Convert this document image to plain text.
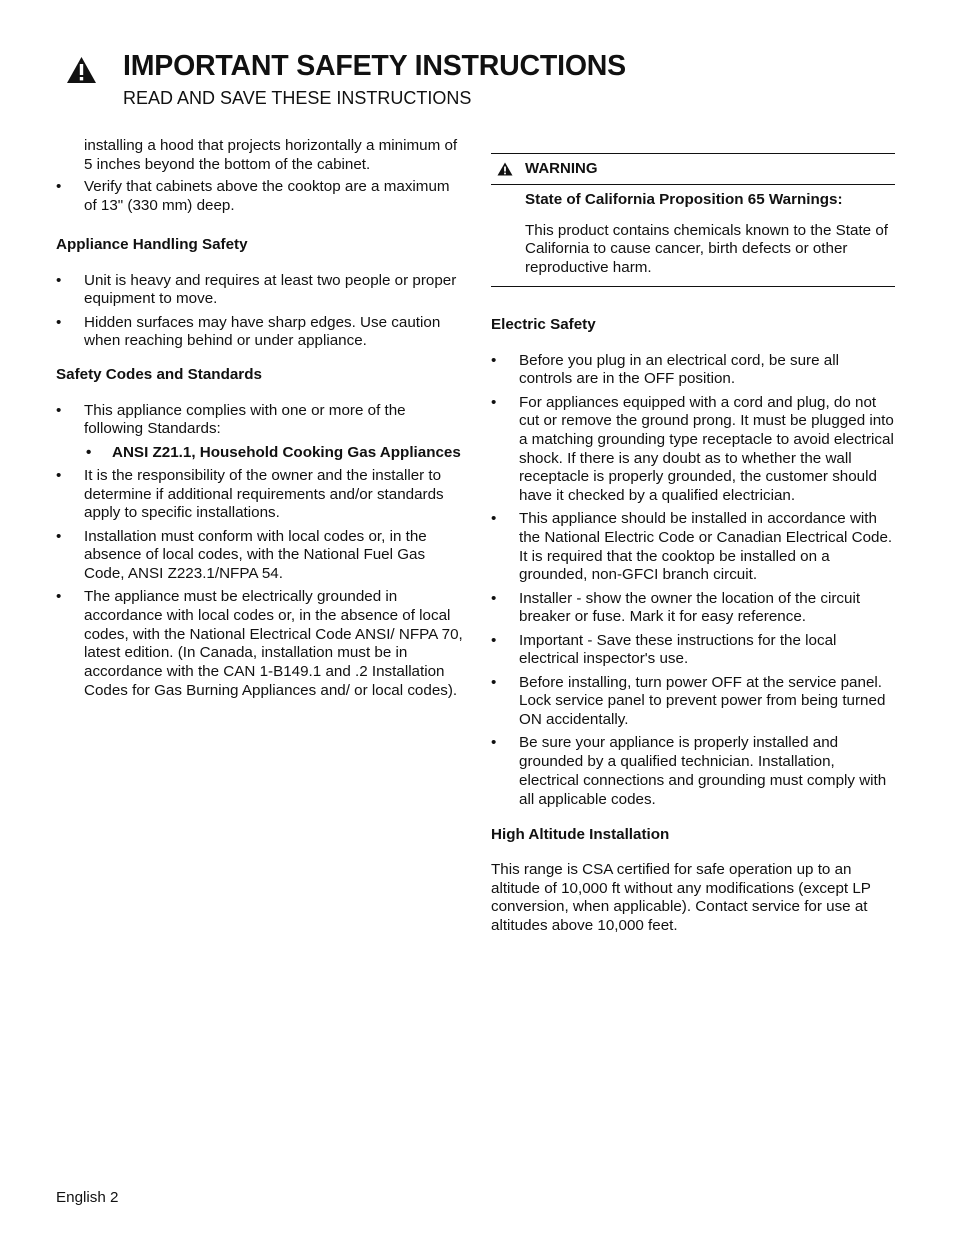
IMPORTANT SAFETY INSTRUCTIONS
READ AND SAVE THESE INSTRUCTIONS

installing a hood that projects horizontally a minimum of 5 inches beyond the bottom of the cabinet.

• Verify that cabinets above the cooktop are a maximum of 13" (330 mm) deep.

Appliance Handling Safety

• Unit is heavy and requires at least two people or proper equipment to move.
• Hidden surfaces may have sharp edges. Use caution when reaching behind or under appliance.

Safety Codes and Standards

• This appliance complies with one or more of the following Standards:
• ANSI Z21.1, Household Cooking Gas Appliances
• It is the responsibility of the owner and the installer to determine if additional requirements and/or standards apply to specific installations.
• Installation must conform with local codes or, in the absence of local codes, with the National Fuel Gas Code, ANSI Z223.1/NFPA 54.
• The appliance must be electrically grounded in accordance with local codes or, in the absence of local codes, with the National Electrical Code ANSI/ NFPA 70, latest edition. (In Canada, installation must be in accordance with the CAN 1-B149.1 and .2 Installation Codes for Gas Burning Appliances and/ or local codes).
WARNING

State of California Proposition 65 Warnings:

This product contains chemicals known to the State of California to cause cancer, birth defects or other reproductive harm.

Electric Safety

• Before you plug in an electrical cord, be sure all controls are in the OFF position.
• For appliances equipped with a cord and plug, do not cut or remove the ground prong. It must be plugged into a matching grounding type receptacle to avoid electrical shock. If there is any doubt as to whether the wall receptacle is properly grounded, the customer should have it checked by a qualified electrician.
• This appliance should be installed in accordance with the National Electric Code or Canadian Electrical Code. It is required that the cooktop be installed on a grounded, non-GFCI branch circuit.
• Installer - show the owner the location of the circuit breaker or fuse. Mark it for easy reference.
• Important - Save these instructions for the local electrical inspector's use.
• Before installing, turn power OFF at the service panel. Lock service panel to prevent power from being turned ON accidentally.
• Be sure your appliance is properly installed and grounded by a qualified technician. Installation, electrical connections and grounding must comply with all applicable codes.

High Altitude Installation

This range is CSA certified for safe operation up to an altitude of 10,000 ft without any modifications (except LP conversion, when applicable). Contact service for use at altitudes above 10,000 feet.

English 2
